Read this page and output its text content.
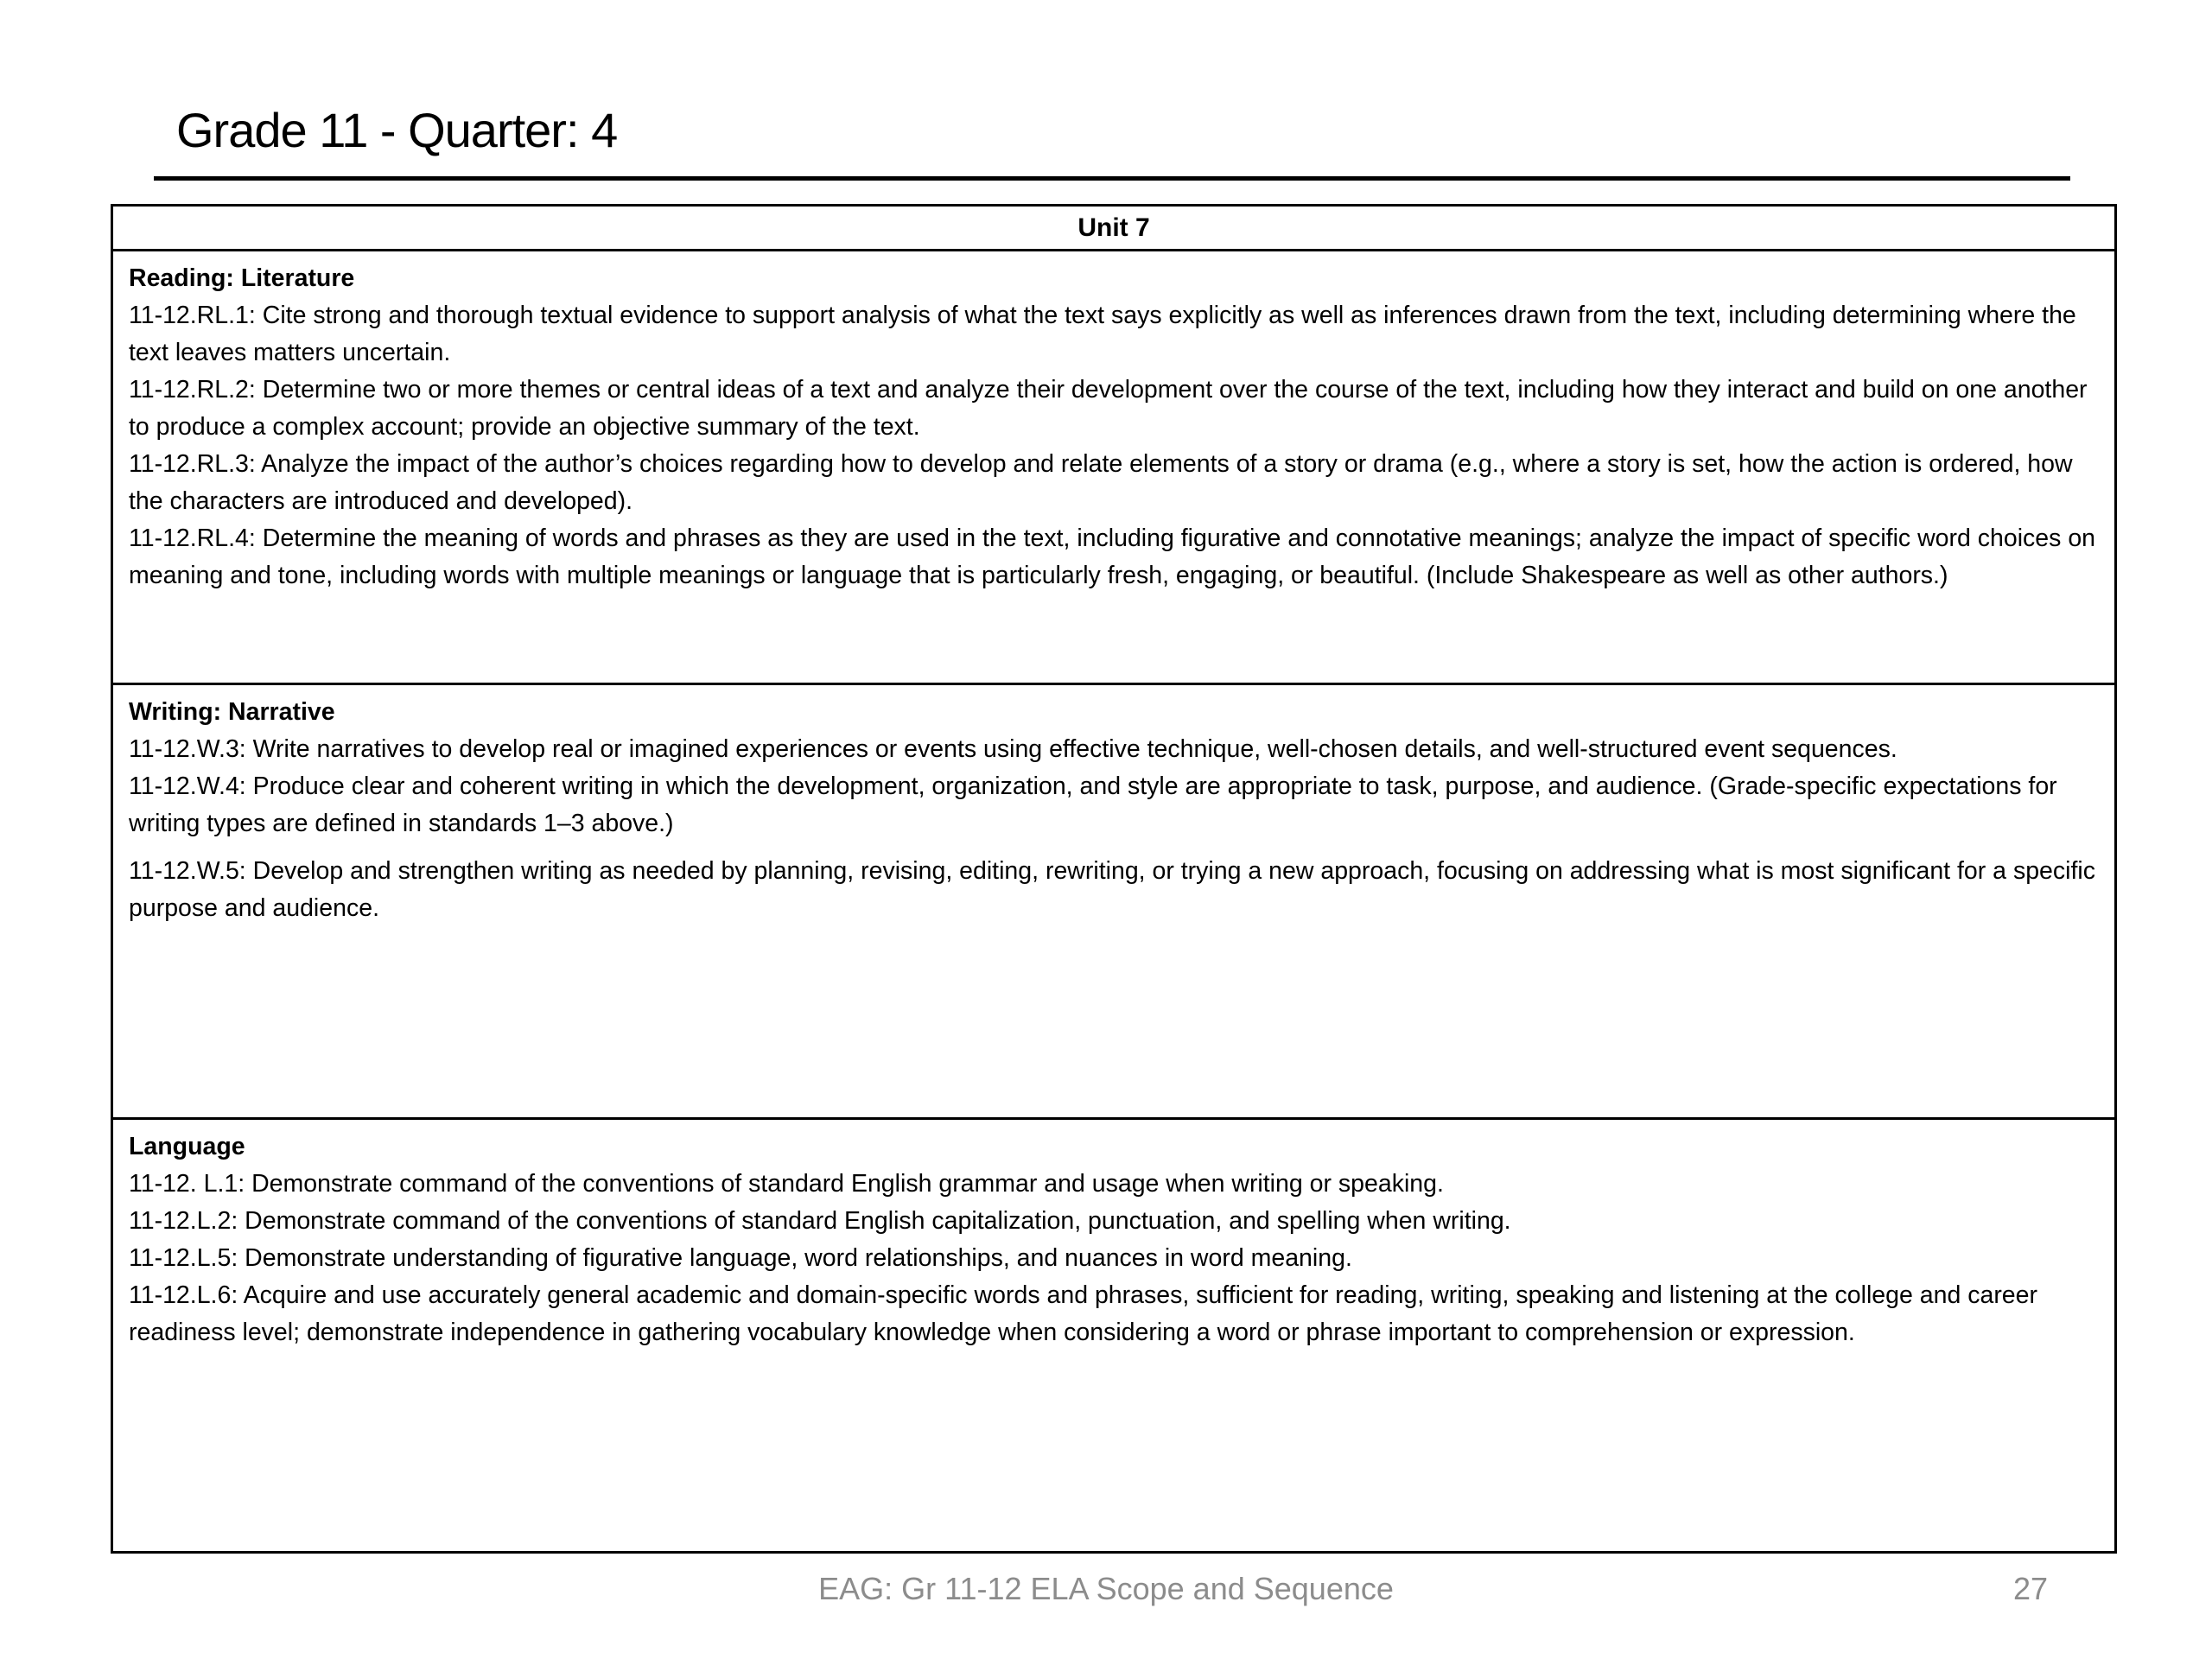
Grade 11 - Quarter: 4
Unit 7

Reading: Literature

11-12.RL.1: Cite strong and thorough textual evidence to support analysis of what the text says explicitly as well as inferences drawn from the text, including determining where the text leaves matters uncertain.

11-12.RL.2: Determine two or more themes or central ideas of a text and analyze their development over the course of the text, including how they interact and build on one another to produce a complex account; provide an objective summary of the text.

11-12.RL.3: Analyze the impact of the author’s choices regarding how to develop and relate elements of a story or drama (e.g., where a story is set, how the action is ordered, how the characters are introduced and developed).

11-12.RL.4: Determine the meaning of words and phrases as they are used in the text, including figurative and connotative meanings; analyze the impact of specific word choices on meaning and tone, including words with multiple meanings or language that is particularly fresh, engaging, or beautiful. (Include Shakespeare as well as other authors.)

Writing: Narrative

11-12.W.3: Write narratives to develop real or imagined experiences or events using effective technique, well-chosen details, and well-structured event sequences.

11-12.W.4: Produce clear and coherent writing in which the development, organization, and style are appropriate to task, purpose, and audience. (Grade-specific expectations for writing types are defined in standards 1–3 above.)

11-12.W.5: Develop and strengthen writing as needed by planning, revising, editing, rewriting, or trying a new approach, focusing on addressing what is most significant for a specific purpose and audience.

Language

11-12. L.1: Demonstrate command of the conventions of standard English grammar and usage when writing or speaking.

11-12.L.2: Demonstrate command of the conventions of standard English capitalization, punctuation, and spelling when writing.

11-12.L.5: Demonstrate understanding of figurative language, word relationships, and nuances in word meaning.

11-12.L.6: Acquire and use accurately general academic and domain-specific words and phrases, sufficient for reading, writing, speaking and listening at the college and career readiness level; demonstrate independence in gathering vocabulary knowledge when considering a word or phrase important to comprehension or expression.

EAG: Gr 11-12 ELA Scope and Sequence	27
